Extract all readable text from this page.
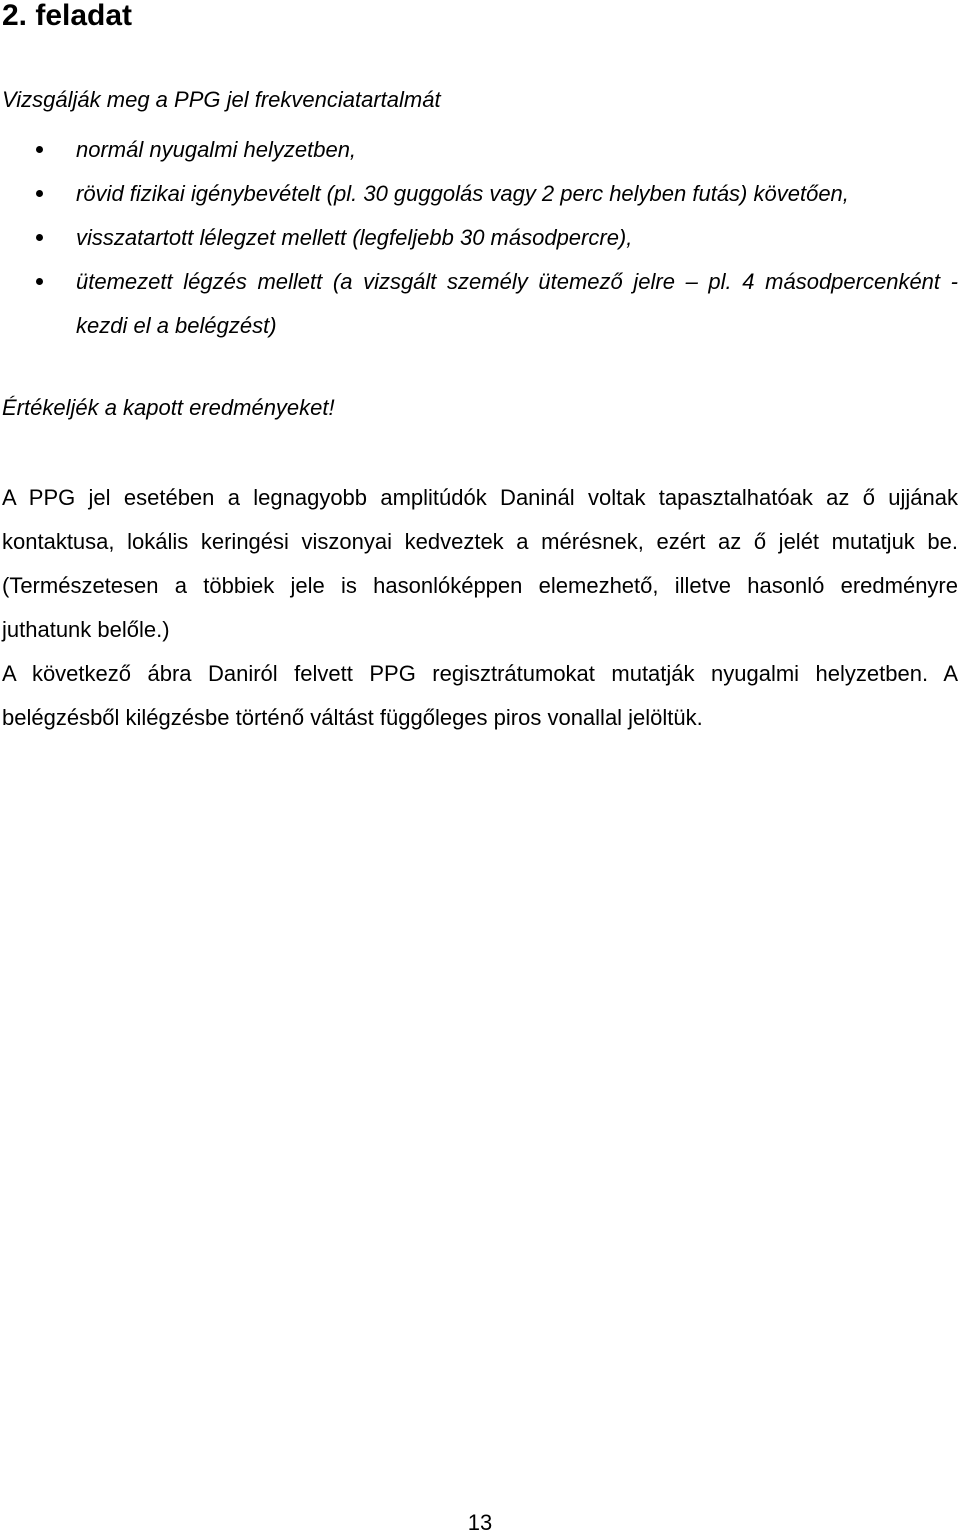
2. feladat

Vizsgálják meg a PPG jel frekvenciatartalmát

normál nyugalmi helyzetben,
rövid fizikai igénybevételt (pl. 30 guggolás vagy 2 perc helyben futás) követően,
visszatartott lélegzet mellett (legfeljebb 30 másodpercre),
ütemezett légzés mellett (a vizsgált személy ütemező jelre – pl. 4 másodpercenként - kezdi el a belégzést)

Értékeljék a kapott eredményeket!

A PPG jel esetében a legnagyobb amplitúdók Daninál voltak tapasztalhatóak az ő ujjának kontaktusa, lokális keringési viszonyai kedveztek a mérésnek, ezért az ő jelét mutatjuk be. (Természetesen a többiek jele is hasonlóképpen elemezhető, illetve hasonló eredményre juthatunk belőle.)

A következő ábra Daniról felvett PPG regisztrátumokat mutatják nyugalmi helyzetben. A belégzésből kilégzésbe történő váltást függőleges piros vonallal jelöltük.

13
